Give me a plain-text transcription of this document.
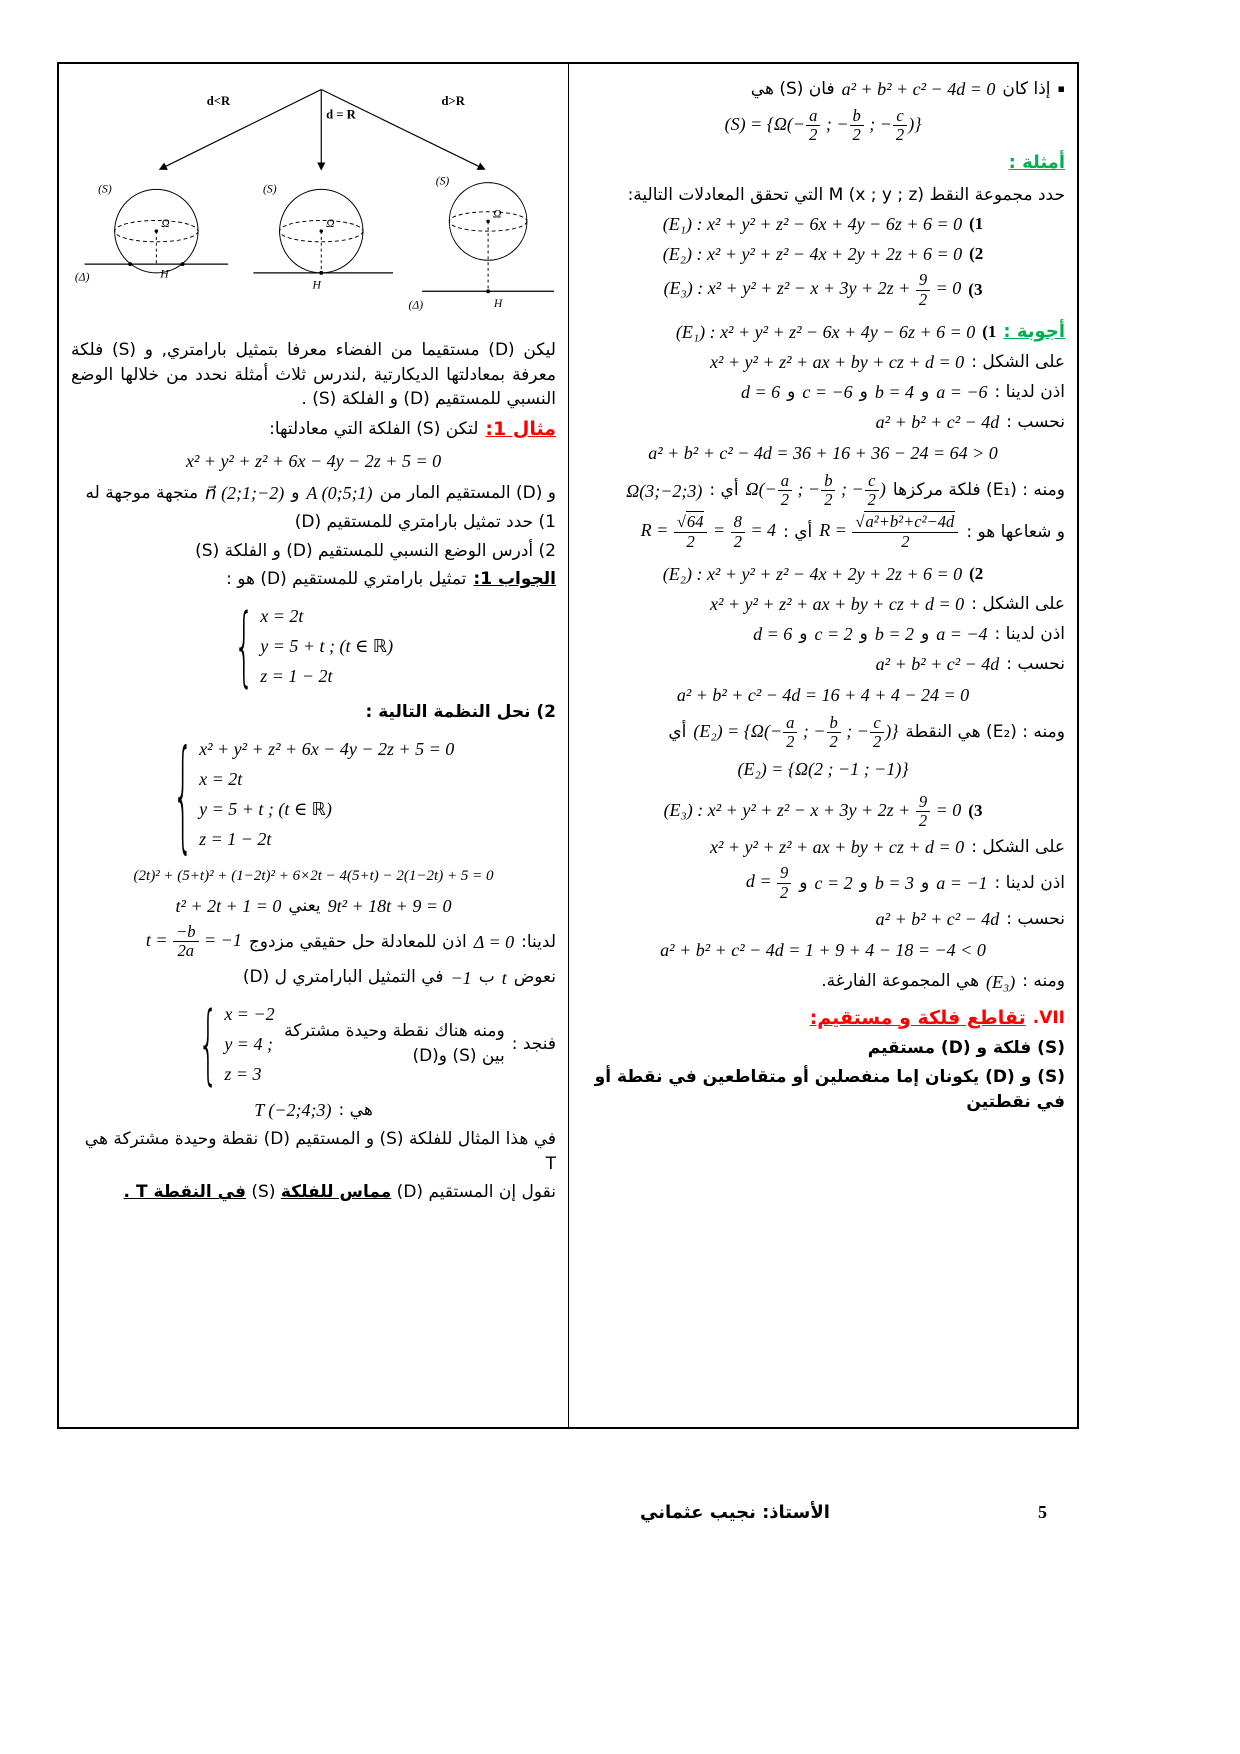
▪
إذا كان
a² + b² + c² − 4d = 0
فان (S) هي
$(S) = \{\Omega(- \frac{a}{2}$ ; − $\frac{b}{2}$ ; − $\frac{c}{2}$ )}
أمثلة :
حدد مجموعة النقط M (x ; y ; z) التي تحقق المعادلات التالية:
(1
(E₁) : x² + y² + z² − 6x + 4y − 6z + 6 = 0
(2
(E₂) : x² + y² + z² − 4x + 2y + 2z + 6 = 0
(3
(E₃) : $x^2 + y^2 + z^2 - x + 3y + 2z + \frac{9}{2} = 0$
أجوبة :
(1
(E₁) : x² + y² + z² − 6x + 4y − 6z + 6 = 0
على الشكل :
x² + y² + z² + ax + by + cz + d = 0
اذن لدينا :
a = −6
و
b = 4
و
c = −6
و
d = 6
نحسب :
a² + b² + c² − 4d
a² + b² + c² − 4d = 36 + 16 + 36 − 24 = 64 > 0
ومنه : (E₁) فلكة مركزها
$\Omega(- \frac{a}{2}$ ; − $\frac{b}{2}$ ; − $\frac{c}{2}$ )
أي :
Ω(3;−2;3)
و شعاعها هو :
$R = \frac{\text{√a²+b²+c²−4d}}{2}$
أي :
$R = \frac{√64}{2} = \frac{8}{2} = 4$
(2
(E₂) : x² + y² + z² − 4x + 2y + 2z + 6 = 0
على الشكل :
x² + y² + z² + ax + by + cz + d = 0
اذن لدينا :
a = −4
و
b = 2
و
c = 2
و
d = 6
نحسب :
a² + b² + c² − 4d
a² + b² + c² − 4d = 16 + 4 + 4 − 24 = 0
ومنه : (E₂) هي النقطة
$(E_2) = \{\Omega(- \frac{a}{2}$ ; − $\frac{b}{2}$ ; − $\frac{c}{2}$ )}
أي
(E₂) = {Ω(2 ; −1 ; −1)}
(3
(E₃) : $x^2 + y^2 + z^2 - x + 3y + 2z + \frac{9}{2} = 0$
على الشكل :
x² + y² + z² + ax + by + cz + d = 0
اذن لدينا :
a = −1
و
b = 3
و
c = 2
و
$d = \frac{9}{2}$
نحسب :
a² + b² + c² − 4d
a² + b² + c² − 4d = 1 + 9 + 4 − 18 = −4 < 0
ومنه :
(E₃)
هي المجموعة الفارغة.
VII.
تقاطع فلكة و مستقيم:
(S) فلكة و (D) مستقيم
(S) و (D) يكونان إما منفصلين أو متقاطعين في نقطة أو في نقطتين
d<R
d = R
d>R
Ω
(S)
H
(Δ)
Ω
(S)
H
Ω
(S)
H
(Δ)

ليكن (D) مستقيما من الفضاء معرفا بتمثيل بارامتري, و (S) فلكة معرفة بمعادلتها الديكارتية ,لندرس ثلاث أمثلة نحدد من خلالها الوضع النسبي للمستقيم (D) و الفلكة (S) .

مثال 1:
لتكن (S) الفلكة التي معادلتها:
x² + y² + z² + 6x − 4y − 2z + 5 = 0
و (D) المستقيم المار من
A (0;5;1)
و
n⃗ (2;1;−2)
متجهة موجهة له
1) حدد تمثيل بارامتري للمستقيم (D)
2) أدرس الوضع النسبي للمستقيم (D) و الفلكة (S)
الجواب 1:
تمثيل بارامتري للمستقيم (D) هو :
{ x = 2t
y = 5 + t ; (t ∈ ℝ)
z = 1 − 2t
2) نحل النظمة التالية :
{ x² + y² + z² + 6x − 4y − 2z + 5 = 0
x = 2t
y = 5 + t ; (t ∈ ℝ)
z = 1 − 2t
(2t)² + (5+t)² + (1−2t)² + 6×2t − 4(5+t) − 2(1−2t) + 5 = 0
9t² + 18t + 9 = 0
يعني
t² + 2t + 1 = 0
لدينا:
Δ = 0
اذن للمعادلة حل حقيقي مزدوج
$t = \frac{-b}{2a} = -1$
نعوض
t
ب
−1
في التمثيل البارامتري ل (D)
فنجد :
ومنه هناك نقطة وحيدة مشتركة بين (S) و(D)
{ x = −2
y = 4 ;
z = 3
هي :
T (−2;4;3)

في هذا المثال للفلكة (S) و المستقيم (D) نقطة وحيدة مشتركة هي T

نقول إن المستقيم (D) مماس للفلكة (S) في النقطة T .

الأستاذ: نجيب عثماني	5
